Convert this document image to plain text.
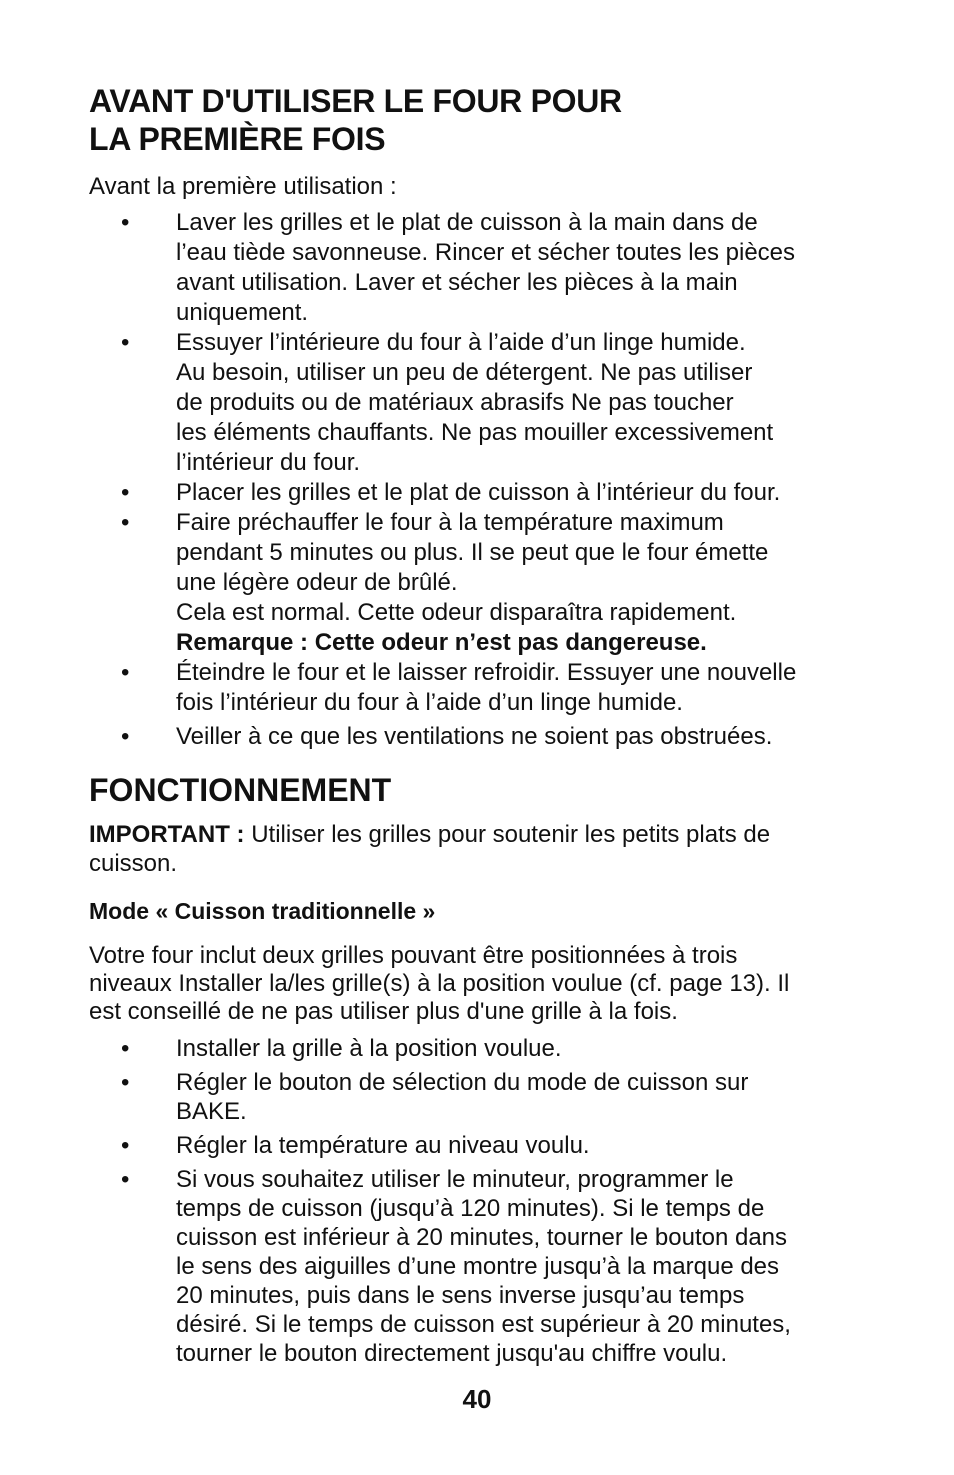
AVANT D'UTILISER LE FOUR POUR
LA PREMIÈRE FOIS

Avant la première utilisation :

• Laver les grilles et le plat de cuisson à la main dans de
l’eau tiède savonneuse. Rincer et sécher toutes les pièces
avant utilisation. Laver et sécher les pièces à la main
uniquement.
• Essuyer l’intérieure du four à l’aide d’un linge humide.
Au besoin, utiliser un peu de détergent. Ne pas utiliser
de produits ou de matériaux abrasifs Ne pas toucher
les éléments chauffants. Ne pas mouiller excessivement
l’intérieur du four.
• Placer les grilles et le plat de cuisson à l’intérieur du four.
• Faire préchauffer le four à la température maximum
pendant 5 minutes ou plus. Il se peut que le four émette
une légère odeur de brûlé.
Cela est normal. Cette odeur disparaîtra rapidement.
Remarque : Cette odeur n’est pas dangereuse.
• Éteindre le four et le laisser refroidir. Essuyer une nouvelle
fois l’intérieur du four à l’aide d’un linge humide.
• Veiller à ce que les ventilations ne soient pas obstruées.
FONCTIONNEMENT

IMPORTANT : Utiliser les grilles pour soutenir les petits plats de
cuisson.

Mode « Cuisson traditionnelle »

Votre four inclut deux grilles pouvant être positionnées à trois
niveaux Installer la/les grille(s) à la position voulue (cf. page 13). Il
est conseillé de ne pas utiliser plus d'une grille à la fois.

• Installer la grille à la position voulue.
• Régler le bouton de sélection du mode de cuisson sur
BAKE.
• Régler la température au niveau voulu.
• Si vous souhaitez utiliser le minuteur, programmer le
temps de cuisson (jusqu’à 120 minutes). Si le temps de
cuisson est inférieur à 20 minutes, tourner le bouton dans
le sens des aiguilles d’une montre jusqu’à la marque des
20 minutes, puis dans le sens inverse jusqu’au temps
désiré. Si le temps de cuisson est supérieur à 20 minutes,
tourner le bouton directement jusqu'au chiffre voulu.
40
